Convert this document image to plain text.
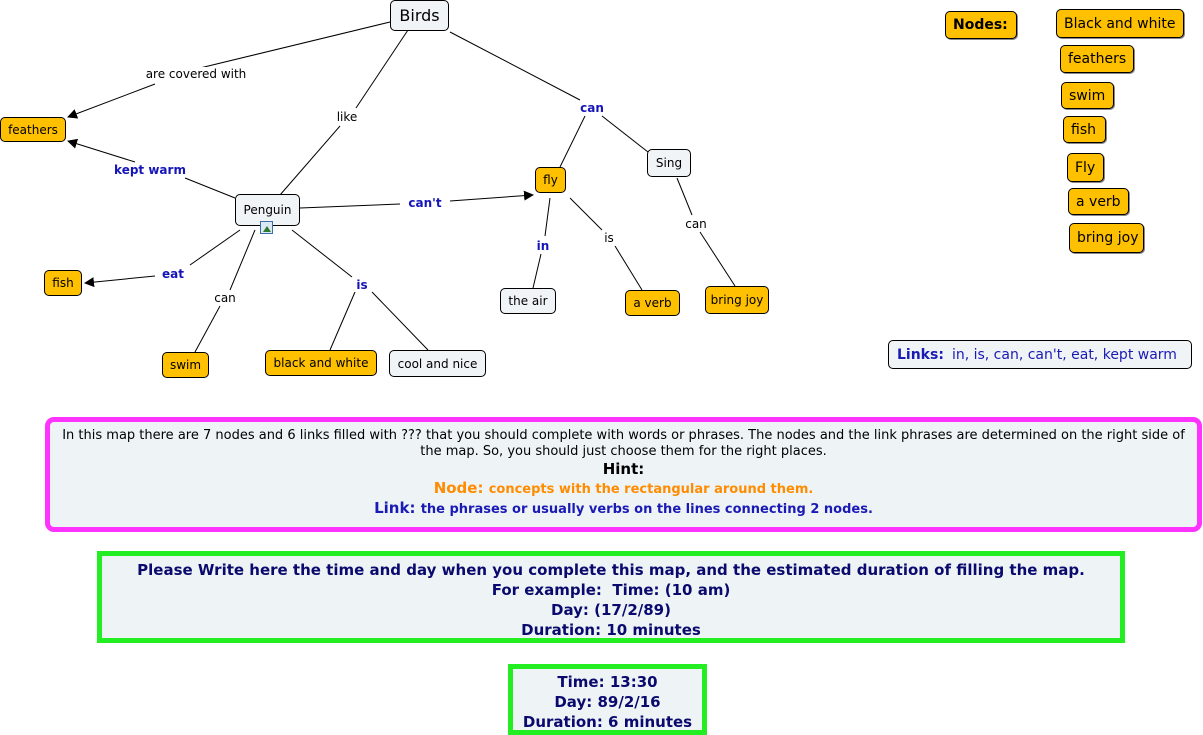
Birds
feathers
Penguin
fly
Sing
fish
swim	black and white	cool and nice
the air	a verb	bring joy
are covered with
like
can
kept warm
can't
eat
can
is
in
is
can
Nodes:	Black and white
feathers
swim
fish
Fly
a verb
bring joy
Links: in, is, can, can't, eat, kept warm

In this map there are 7 nodes and 6 links filled with ??? that you should complete with words or phrases. The nodes and the link phrases are determined on the right side of the map. So, you should just choose them for the right places.

Hint:

Node: concepts with the rectangular around them.

Link: the phrases or usually verbs on the lines connecting 2 nodes.

Please Write here the time and day when you complete this map, and the estimated duration of filling the map.
For example:  Time: (10 am)
Day: (17/2/89)
Duration: 10 minutes
Time: 13:30
Day: 89/2/16
Duration: 6 minutes
